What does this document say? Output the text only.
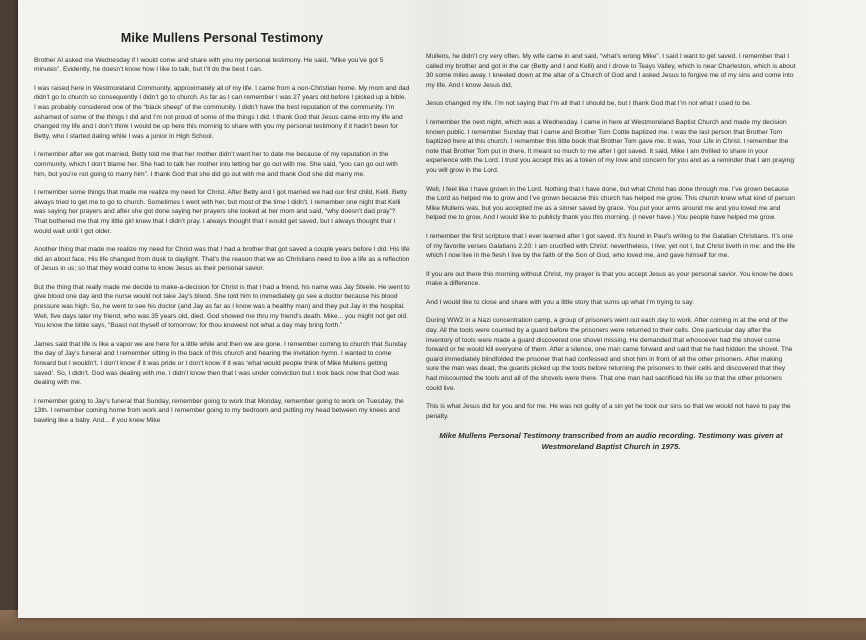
Mike Mullens Personal Testimony

Brother Al asked me Wednesday if I would come and share with you my personal testimony. He said, “Mike you’ve got 5 minutes”. Evidently, he doesn’t know how I like to talk, but I’ll do the best I can.

I was raised here in Westmoreland Community, approximately all of my life. I came from a non-Christian home. My mom and dad didn’t go to church so consequently I didn’t go to church. As far as I can remember I was 27 years old before I picked up a bible. I was probably considered one of the “black sheep” of the community. I didn’t have the best reputation of the community. I’m ashamed of some of the things I did and I’m not proud of some of the things I did. I thank God that Jesus came into my life and changed my life and I don’t think I would be up here this morning to share with you my personal testimony if it hadn’t been for Betty, who I started dating while I was a junior in High School.

I remember after we got married, Betty told me that her mother didn’t want her to date me because of my reputation in the community, which I don’t blame her. She had to talk her mother into letting her go out with me. She said, “you can go out with him, but you’re not going to marry him”. I thank God that she did go out with me and thank God she did marry me.

I remember some things that made me realize my need for Christ. After Betty and I got married we had our first child, Kelli. Betty always tried to get me to go to church. Sometimes I went with her, but most of the time I didn’t. I remember one night that Kelli was saying her prayers and after she got done saying her prayers she looked at her mom and said, “why doesn’t dad pray”? That bothered me that my little girl knew that I didn’t pray. I always thought that I would get saved, but I always thought that I would wait until I got older.

Another thing that made me realize my need for Christ was that I had a brother that got saved a couple years before I did. His life did an about face. His life changed from dusk to daylight. That’s the reason that we as Christians need to live a life as a reflection of Jesus in us; so that they would come to know Jesus as their personal savior.

But the thing that really made me decide to make-a-decision for Christ is that I had a friend, his name was Jay Steele. He went to give blood one day and the nurse would not take Jay’s blood. She told him to immediately go see a doctor because his blood pressure was high. So, he went to see his doctor (and Jay as far as I know was a healthy man) and they put Jay in the hospital. Well, five days later my friend, who was 35 years old, died. God showed me thru my friend’s death. Mike... you might not get old. You know the bible says, “Boast not thyself of tomorrow; for thou knowest not what a day may bring forth.”

James said that life is like a vapor we are here for a little while and then we are gone. I remember coming to church that Sunday the day of Jay’s funeral and I remember sitting in the back of this church and hearing the invitation hymn. I wanted to come forward but I wouldn’t. I don’t know if it was pride or I don’t know if it was ‘what would people think of Mike Mullens getting saved’. So, I didn’t. God was dealing with me. I didn’t know then that I was under conviction but I look back now that God was dealing with me.

I remember going to Jay’s funeral that Sunday, remember going to work that Monday, remember going to work on Tuesday, the 13th. I remember coming home from work and I remember going to my bedroom and putting my head between my knees and bawling like a baby. And... if you knew Mike

Mullens, he didn’t cry very often. My wife came in and said, “what’s wrong Mike”. I said I want to get saved. I remember that I called my brother and got in the car (Betty and I and Kelli) and I drove to Teays Valley, which is near Charleston, which is about 30 some miles away. I kneeled down at the altar of a Church of God and I asked Jesus to forgive me of my sins and come into my life. And I know Jesus did.

Jesus changed my life. I’m not saying that I’m all that I should be, but I thank God that I’m not what I used to be.

I remember the next night, which was a Wednesday. I came in here at Westmoreland Baptist Church and made my decision known public. I remember Sunday that I came and Brother Tom Cottle baptized me. I was the last person that Brother Tom baptized here at this church. I remember this little book that Brother Tom gave me. It was, Your Life in Christ. I remember the note that Brother Tom put in there. It meant so much to me after I got saved. It said, Mike I am thrilled to share in your experience with the Lord. I trust you accept this as a token of my love and concern for you and as a reminder that I am praying you will grow in the Lord.

Well, I feel like I have grown in the Lord. Nothing that I have done, but what Christ has done through me. I’ve grown because the Lord as helped me to grow and I’ve grown because this church has helped me grow. This church knew what kind of person Mike Mullens was, but you accepted me as a sinner saved by grace. You put your arms around me and you loved me and helped me to grow. And I would like to publicly thank you this morning. (I never have.) You people have helped me grow.

I remember the first scripture that I ever learned after I got saved. It’s found in Paul’s writing to the Galatian Christians. It’s one of my favorite verses Galatians 2:20: I am crucified with Christ: nevertheless, I live; yet not I, but Christ liveth in me: and the life which I now live in the flesh I live by the faith of the Son of God, who loved me, and gave himself for me.

If you are out there this morning without Christ, my prayer is that you accept Jesus as your personal savior. You know he does make a difference.

And I would like to close and share with you a little story that sums up what I’m trying to say:

During WW2 in a Nazi concentration camp, a group of prisoners went out each day to work. After coming in at the end of the day. All the tools were counted by a guard before the prisoners were returned to their cells. One particular day after the inventory of tools were made a guard discovered one shovel missing. He demanded that whosoever had the shovel come forward or he would kill everyone of them. After a silence, one man came forward and said that he had hidden the shovel. The guard immediately blindfolded the prisoner that had confessed and shot him in front of all the other prisoners. After making sure the man was dead, the guards picked up the tools before returning the prisoners to their cells and discovered that they had miscounted the tools and all of the shovels were there. That one man had sacrificed his life so that the other prisoners could live.

This is what Jesus did for you and for me. He was not guilty of a sin yet he took our sins so that we would not have to pay the penalty.

Mike Mullens Personal Testimony transcribed from an audio recording. Testimony was given at Westmoreland Baptist Church in 1975.
